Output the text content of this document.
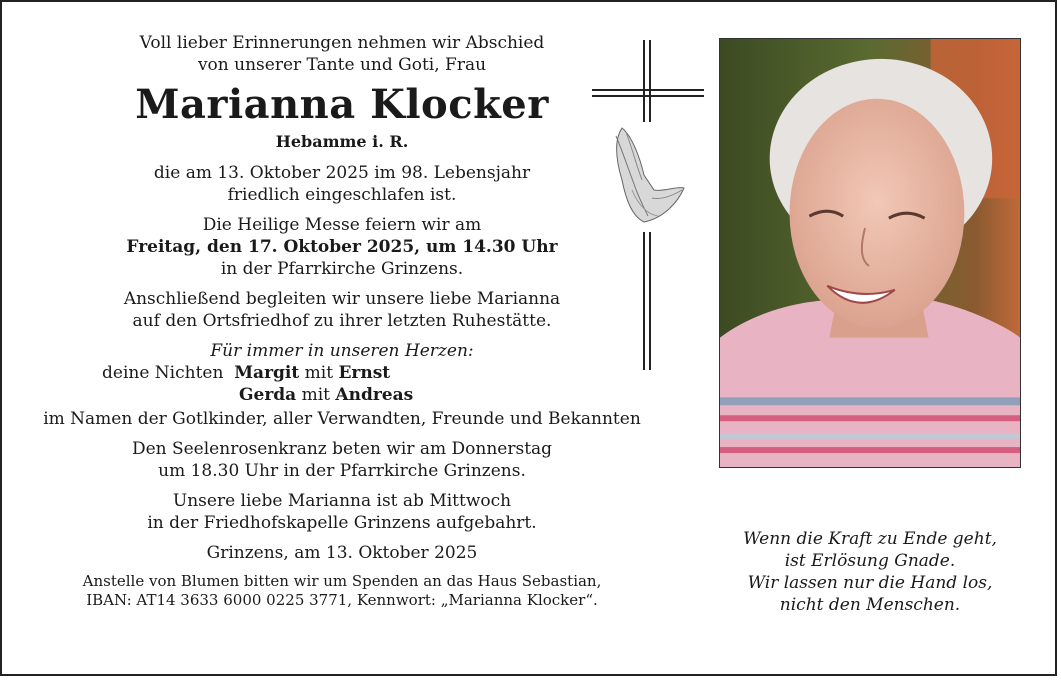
Voll lieber Erinnerungen nehmen wir Abschied

von unserer Tante und Goti, Frau

Marianna Klocker

Hebamme i. R.

die am 13. Oktober 2025 im 98. Lebensjahr

friedlich eingeschlafen ist.

Die Heilige Messe feiern wir am

Freitag, den 17. Oktober 2025, um 14.30 Uhr

in der Pfarrkirche Grinzens.

Anschließend begleiten wir unsere liebe Marianna

auf den Ortsfriedhof zu ihrer letzten Ruhestätte.

Für immer in unseren Herzen:

deine Nichten Margit mit Ernst
Gerda mit Andreas

im Namen der Gotlkinder, aller Verwandten, Freunde und Bekannten

Den Seelenrosenkranz beten wir am Donnerstag

um 18.30 Uhr in der Pfarrkirche Grinzens.

Unsere liebe Marianna ist ab Mittwoch

in der Friedhofskapelle Grinzens aufgebahrt.

Grinzens, am 13. Oktober 2025

Anstelle von Blumen bitten wir um Spenden an das Haus Sebastian,

IBAN: AT14 3633 6000 0225 3771, Kennwort: „Marianna Klocker“.

Wenn die Kraft zu Ende geht,
ist Erlösung Gnade.
Wir lassen nur die Hand los,
nicht den Menschen.
